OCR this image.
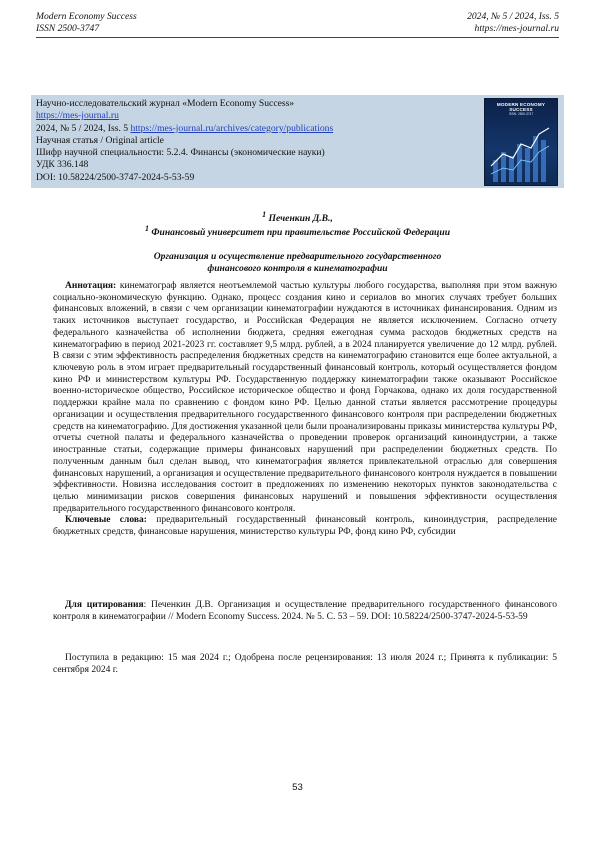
Modern Economy Success
ISSN 2500-3747
2024, № 5 / 2024, Iss. 5
https://mes-journal.ru
Научно-исследовательский журнал «Modern Economy Success»
https://mes-journal.ru
2024, № 5 / 2024, Iss. 5 https://mes-journal.ru/archives/category/publications
Научная статья / Original article
Шифр научной специальности: 5.2.4. Финансы (экономические науки)
УДК 336.148
DOI: 10.58224/2500-3747-2024-5-53-59
MODERN ECONOMY SUCCESS
ISSN: 2500-3747
$^1$ Печенкин Д.В.,
$^1$ Финансовый университет при правительстве Российской Федерации
Организация и осуществление предварительного государственного
финансового контроля в кинематографии

Аннотация: кинематограф является неотъемлемой частью культуры любого государства, выполняя при этом важную социально-экономическую функцию. Однако, процесс создания кино и сериалов во многих случаях требует больших финансовых вложений, в связи с чем организации кинематографии нуждаются в источниках финансирования. Одним из таких источников выступает государство, и Российская Федерация не является исключением. Согласно отчету федерального казначейства об исполнении бюджета, средняя ежегодная сумма расходов бюджетных средств на кинематографию в период 2021-2023 гг. составляет 9,5 млрд. рублей, а в 2024 планируется увеличение до 12 млрд. рублей. В связи с этим эффективность распределения бюджетных средств на кинематографию становится еще более актуальной, а ключевую роль в этом играет предварительный государственный финансовый контроль, который осуществляется фондом кино РФ и министерством культуры РФ. Государственную поддержку кинематографии также оказывают Российское военно-историческое общество, Российское историческое общество и фонд Горчакова, однако их доля государственной поддержки крайне мала по сравнению с фондом кино РФ. Целью данной статьи является рассмотрение процедуры организации и осуществления предварительного государственного финансового контроля при распределении бюджетных средств на кинематографию. Для достижения указанной цели были проанализированы приказы министерства культуры РФ, отчеты счетной палаты и федерального казначейства о проведении проверок организаций киноиндустрии, а также иностранные статьи, содержащие примеры финансовых нарушений при распределении бюджетных средств. По полученным данным был сделан вывод, что кинематография является привлекательной отраслью для совершения финансовых нарушений, а организация и осуществление предварительного финансового контроля нуждается в повышении эффективности. Новизна исследования состоит в предложениях по изменению некоторых пунктов законодательства с целью минимизации рисков совершения финансовых нарушений и повышения эффективности осуществления предварительного государственного финансового контроля.

Ключевые слова: предварительный государственный финансовый контроль, киноиндустрия, распределение бюджетных средств, финансовые нарушения, министерство культуры РФ, фонд кино РФ, субсидии

Для цитирования: Печенкин Д.В. Организация и осуществление предварительного государственного финансового контроля в кинематографии // Modern Economy Success. 2024. № 5. С. 53 – 59. DOI: 10.58224/2500-3747-2024-5-53-59

Поступила в редакцию: 15 мая 2024 г.; Одобрена после рецензирования: 13 июля 2024 г.; Принята к публикации: 5 сентября 2024 г.

53
